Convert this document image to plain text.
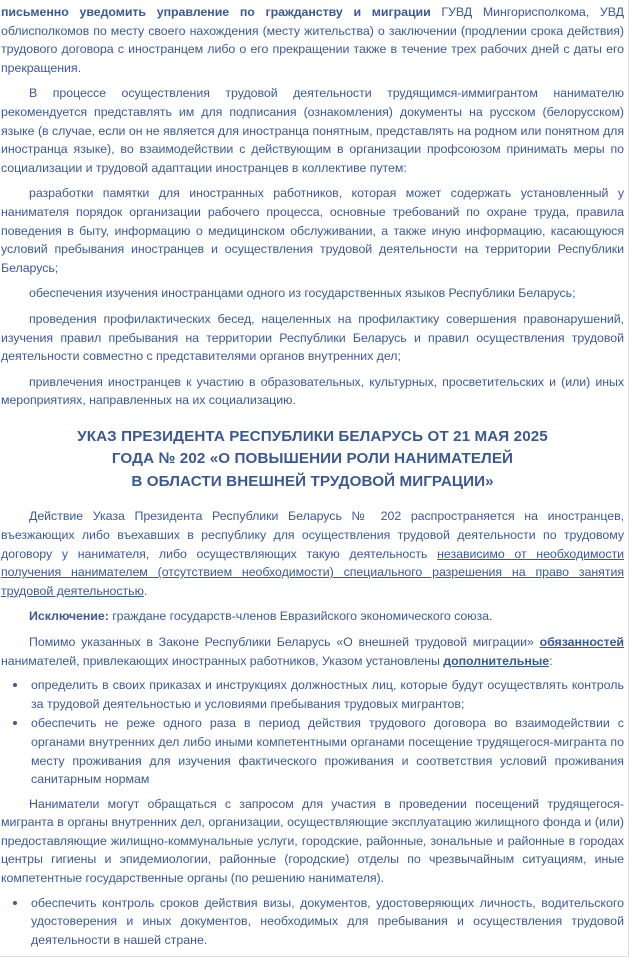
письменно уведомить управление по гражданству и миграции ГУВД Мингорисполкома, УВД облисполкомов по месту своего нахождения (месту жительства) о заключении (продлении срока действия) трудового договора с иностранцем либо о его прекращении также в течение трех рабочих дней с даты его прекращения.

В процессе осуществления трудовой деятельности трудящимся-иммигрантом нанимателю рекомендуется представлять им для подписания (ознакомления) документы на русском (белорусском) языке (в случае, если он не является для иностранца понятным, представлять на родном или понятном для иностранца языке), во взаимодействии с действующим в организации профсоюзом принимать меры по социализации и трудовой адаптации иностранцев в коллективе путем:

разработки памятки для иностранных работников, которая может содержать установленный у нанимателя порядок организации рабочего процесса, основные требований по охране труда, правила поведения в быту, информацию о медицинском обслуживании, а также иную информацию, касающуюся условий пребывания иностранцев и осуществления трудовой деятельности на территории Республики Беларусь;

обеспечения изучения иностранцами одного из государственных языков Республики Беларусь;

проведения профилактических бесед, нацеленных на профилактику совершения правонарушений, изучения правил пребывания на территории Республики Беларусь и правил осуществления трудовой деятельности совместно с представителями органов внутренних дел;

привлечения иностранцев к участию в образовательных, культурных, просветительских и (или) иных мероприятиях, направленных на их социализацию.

УКАЗ ПРЕЗИДЕНТА РЕСПУБЛИКИ БЕЛАРУСЬ ОТ 21 МАЯ 2025
ГОДА № 202 «О ПОВЫШЕНИИ РОЛИ НАНИМАТЕЛЕЙ
В ОБЛАСТИ ВНЕШНЕЙ ТРУДОВОЙ МИГРАЦИИ»

Действие Указа Президента Республики Беларусь № 202 распространяется на иностранцев, въезжающих либо въехавших в республику для осуществления трудовой деятельности по трудовому договору у нанимателя, либо осуществляющих такую деятельность независимо от необходимости получения нанимателем (отсутствием необходимости) специального разрешения на право занятия трудовой деятельностью.

Исключение: граждане государств-членов Евразийского экономического союза.

Помимо указанных в Законе Республики Беларусь «О внешней трудовой миграции» обязанностей нанимателей, привлекающих иностранных работников, Указом установлены дополнительные:

определить в своих приказах и инструкциях должностных лиц, которые будут осуществлять контроль за трудовой деятельностью и условиями пребывания трудовых мигрантов;
обеспечить не реже одного раза в период действия трудового договора во взаимодействии с органами внутренних дел либо иными компетентными органами посещение трудящегося-мигранта по месту проживания для изучения фактического проживания и соответствия условий проживания санитарным нормам

Наниматели могут обращаться с запросом для участия в проведении посещений трудящегося-мигранта в органы внутренних дел, организации, осуществляющие эксплуатацию жилищного фонда и (или) предоставляющие жилищно-коммунальные услуги, городские, районные, зональные и районные в городах центры гигиены и эпидемиологии, районные (городские) отделы по чрезвычайным ситуациям, иные компетентные государственные органы (по решению нанимателя).

обеспечить контроль сроков действия визы, документов, удостоверяющих личность, водительского удостоверения и иных документов, необходимых для пребывания и осуществления трудовой деятельности в нашей стране.
